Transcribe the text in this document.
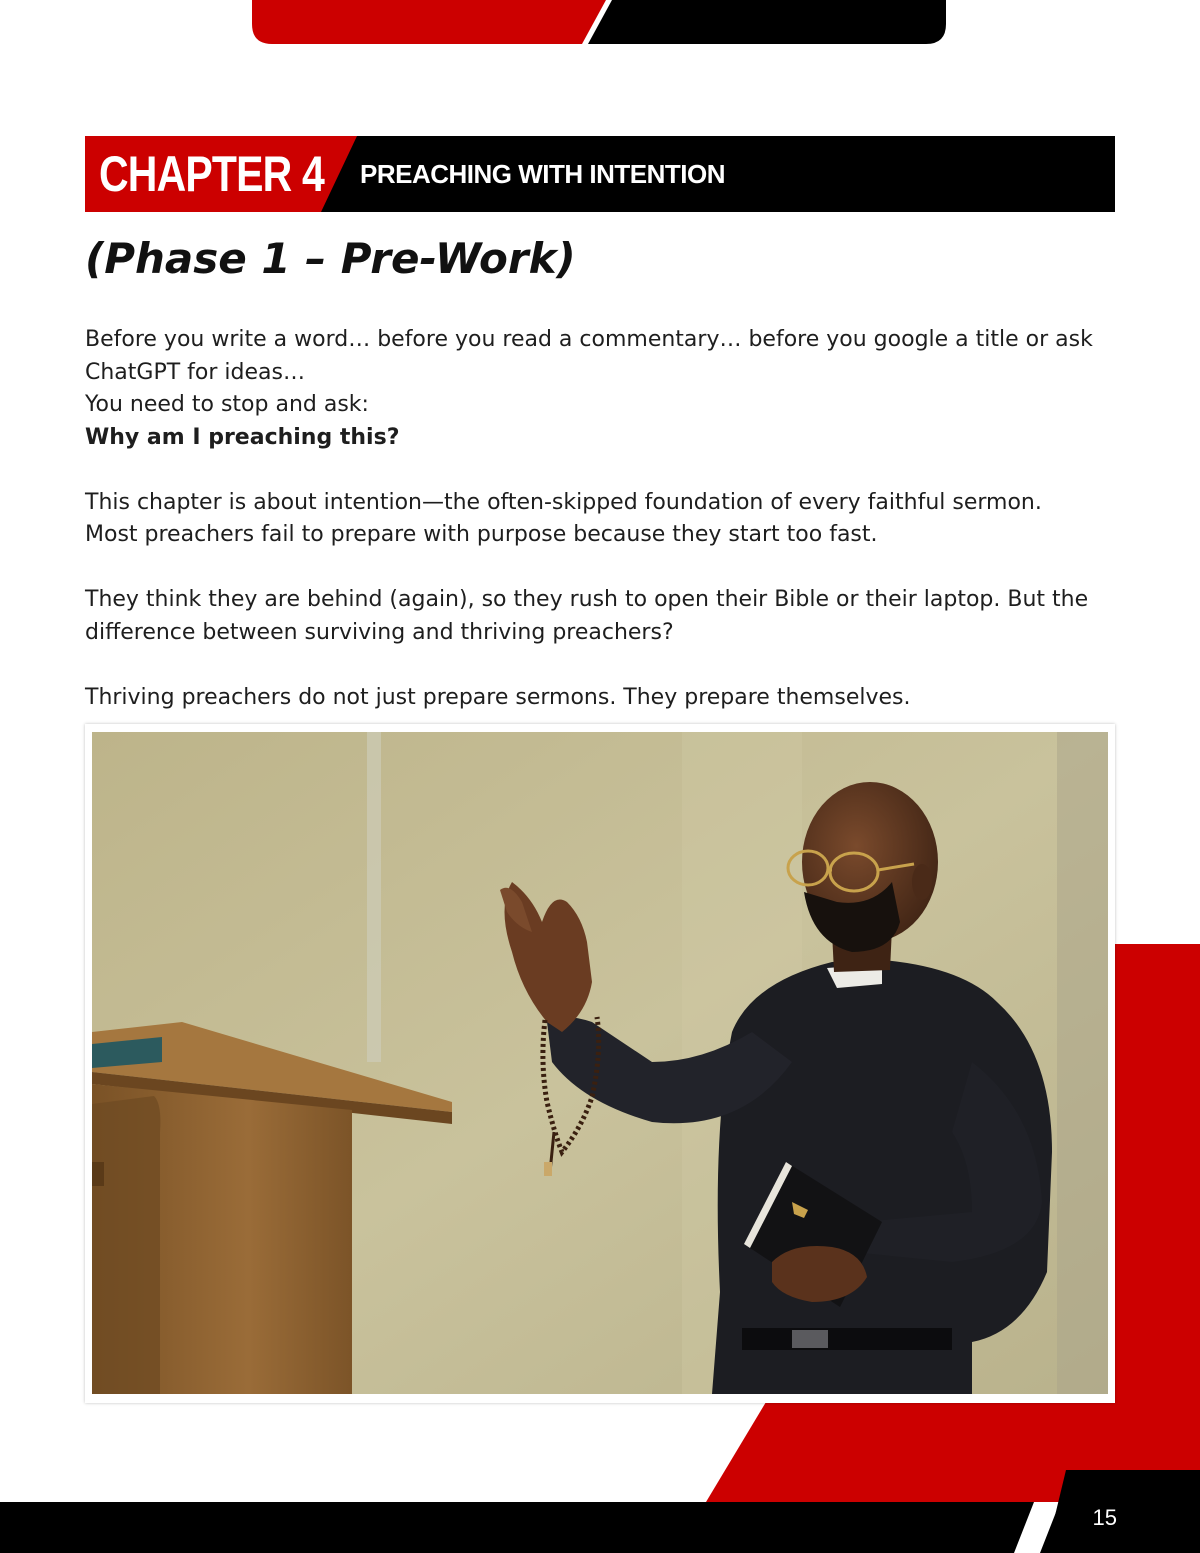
CHAPTER 4 PREACHING WITH INTENTION
(Phase 1 – Pre-Work)

Before you write a word… before you read a commentary… before you google a title or ask

ChatGPT for ideas…

You need to stop and ask:

Why am I preaching this?

This chapter is about intention—the often-skipped foundation of every faithful sermon.

Most preachers fail to prepare with purpose because they start too fast.

They think they are behind (again), so they rush to open their Bible or their laptop. But the

difference between surviving and thriving preachers?

Thriving preachers do not just prepare sermons. They prepare themselves.

15
